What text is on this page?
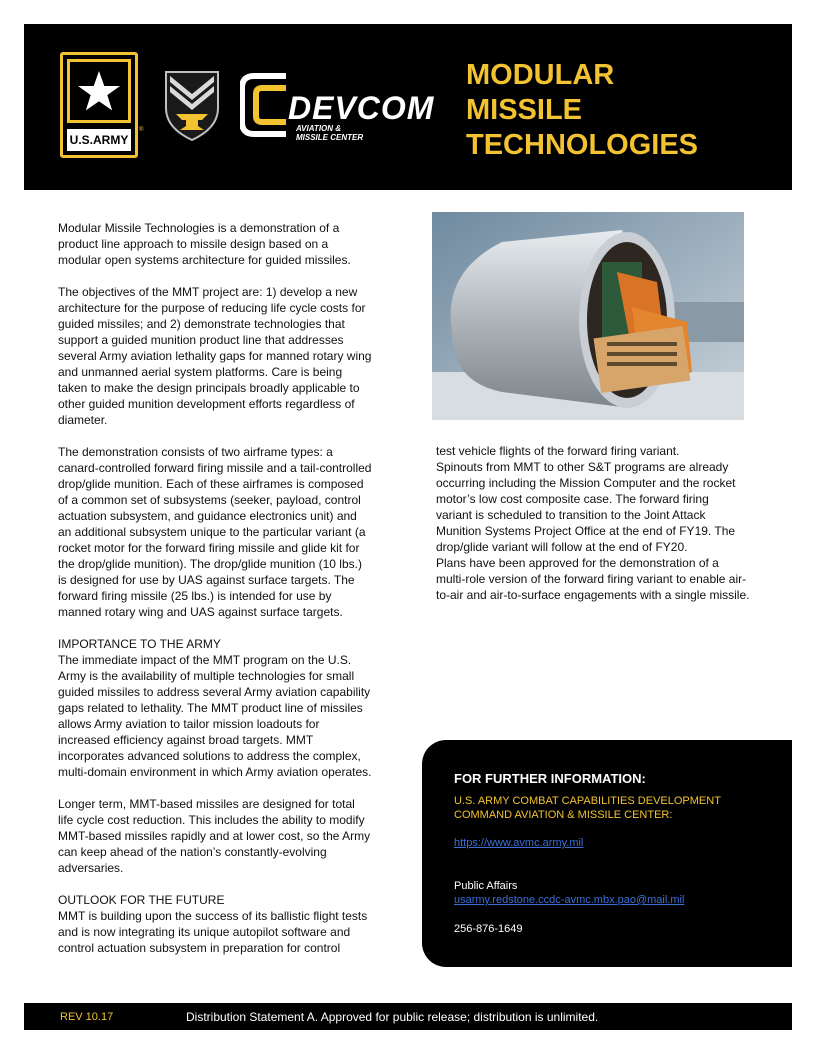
U.S.ARMY
®
DEVCOM
AVIATION &
MISSILE CENTER
MODULAR
MISSILE
TECHNOLOGIES

Modular Missile Technologies is a demonstration of a
product line approach to missile design based on a
modular open systems architecture for guided missiles.

The objectives of the MMT project are: 1) develop a new
architecture for the purpose of reducing life cycle costs for
guided missiles; and 2) demonstrate technologies that
support a guided munition product line that addresses
several Army aviation lethality gaps for manned rotary wing
and unmanned aerial system platforms. Care is being
taken to make the design principals broadly applicable to
other guided munition development efforts regardless of
diameter.

The demonstration consists of two airframe types: a
canard-controlled forward firing missile and a tail-controlled
drop/glide munition. Each of these airframes is composed
of a common set of subsystems (seeker, payload, control
actuation subsystem, and guidance electronics unit) and
an additional subsystem unique to the particular variant (a
rocket motor for the forward firing missile and glide kit for
the drop/glide munition). The drop/glide munition (10 lbs.)
is designed for use by UAS against surface targets. The
forward firing missile (25 lbs.) is intended for use by
manned rotary wing and UAS against surface targets.

IMPORTANCE TO THE ARMY

The immediate impact of the MMT program on the U.S.
Army is the availability of multiple technologies for small
guided missiles to address several Army aviation capability
gaps related to lethality. The MMT product line of missiles
allows Army aviation to tailor mission loadouts for
increased efficiency against broad targets. MMT
incorporates advanced solutions to address the complex,
multi-domain environment in which Army aviation operates.

Longer term, MMT-based missiles are designed for total
life cycle cost reduction. This includes the ability to modify
MMT-based missiles rapidly and at lower cost, so the Army
can keep ahead of the nation’s constantly-evolving
adversaries.

OUTLOOK FOR THE FUTURE

MMT is building upon the success of its ballistic flight tests
and is now integrating its unique autopilot software and
control actuation subsystem in preparation for control

test vehicle flights of the forward firing variant.
Spinouts from MMT to other S&T programs are already
occurring including the Mission Computer and the rocket
motor’s low cost composite case. The forward firing
variant is scheduled to transition to the Joint Attack
Munition Systems Project Office at the end of FY19. The
drop/glide variant will follow at the end of FY20.
Plans have been approved for the demonstration of a
multi-role version of the forward firing variant to enable air-
to-air and air-to-surface engagements with a single missile.

FOR FURTHER INFORMATION:
U.S. ARMY COMBAT CAPABILITIES DEVELOPMENT
COMMAND AVIATION & MISSILE CENTER:
https://www.avmc.army.mil
Public Affairs
usarmy.redstone.ccdc-avmc.mbx.pao@mail.mil
256-876-1649
REV 10.17	Distribution Statement A. Approved for public release; distribution is unlimited.
